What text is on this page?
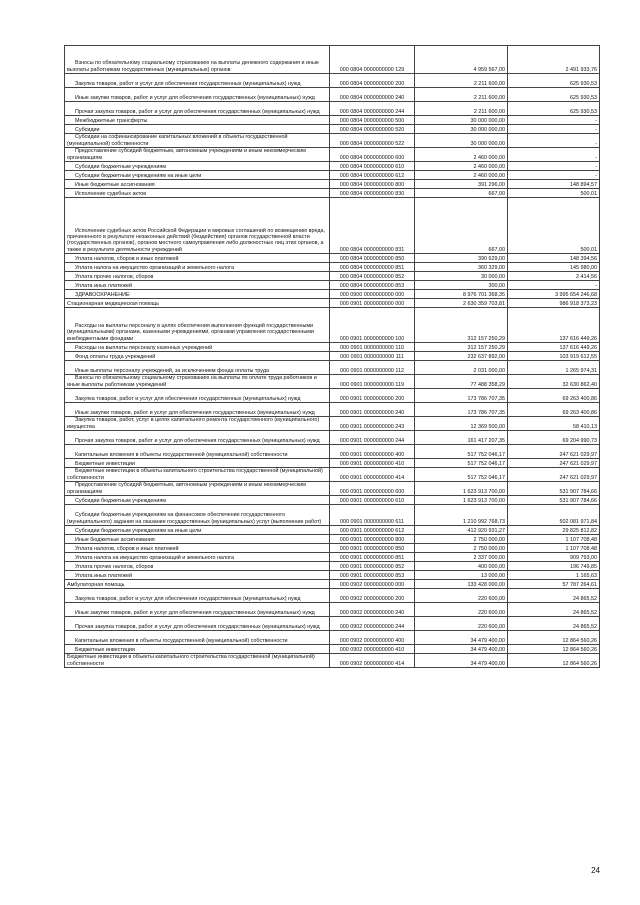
Взносы по обязательному социальному страхованию на выплаты денежного содержания и иные выплаты работникам государственных (муниципальных) органов	000 0804 0000000000 129	4 959 567,00	2 491 933,76
Закупка товаров, работ и услуг для обеспечения государственных (муниципальных) нужд	000 0804 0000000000 200	2 211 600,00	625 930,53
Иные закупки товаров, работ и услуг для обеспечения государственных (муниципальных) нужд	000 0804 0000000000 240	2 211 600,00	625 930,53
Прочая закупка товаров, работ и услуг для обеспечения государственных (муниципальных) нужд	000 0804 0000000000 244	2 211 600,00	625 930,53
Межбюджетные трансферты	000 0804 0000000000 500	30 000 000,00	-
Субсидии	000 0804 0000000000 520	30 000 000,00	-
Субсидии на софинансирование капитальных вложений в объекты государственной (муниципальной) собственности	000 0804 0000000000 522	30 000 000,00	-
Предоставление субсидий бюджетным, автономным учреждениям и иным некоммерческим организациям	000 0804 0000000000 600	2 460 000,00	-
Субсидии бюджетным учреждениям	000 0804 0000000000 610	2 460 000,00	-
Субсидии бюджетным учреждениям на иные цели	000 0804 0000000000 612	2 460 000,00	-
Иные бюджетные ассигнования	000 0804 0000000000 800	391 296,00	148 894,57
Исполнение судебных актов	000 0804 0000000000 830	667,00	500,01
Исполнение судебных актов Российской Федерации и мировых соглашений по возмещению вреда, причиненного в результате незаконных действий (бездействия) органов государственной власти (государственных органов), органов местного самоуправления либо должностных лиц этих органов, а также в результате деятельности учреждений	000 0804 0000000000 831	667,00	500,01
Уплата налогов, сборов и иных платежей	000 0804 0000000000 850	390 629,00	148 394,56
Уплата налога на имущество организаций и земельного налога	000 0804 0000000000 851	360 329,00	145 980,00
Уплата прочих налогов, сборов	000 0804 0000000000 852	30 000,00	2 414,56
Уплата иных платежей	000 0804 0000000000 853	300,00	-
ЗДРАВООХРАНЕНИЕ	000 0900 0000000000 000	8 976 701 368,35	3 995 654 246,68
Стационарная медицинская помощь	000 0901 0000000000 000	2 630 359 703,81	986 918 373,23
Расходы на выплаты персоналу в целях обеспечения выполнения функций государственными (муниципальными) органами, казенными учреждениями, органами управления государственными внебюджетными фондами	000 0901 0000000000 100	312 157 250,29	137 616 449,26
Расходы на выплаты персоналу казенных учреждений	000 0901 0000000000 110	312 157 250,29	137 616 449,26
Фонд оплаты труда учреждений	000 0901 0000000000 111	232 637 892,00	103 919 612,55
Иные выплаты персоналу учреждений, за исключением фонда оплаты труда	000 0901 0000000000 112	2 031 000,00	1 265 974,31
Взносы по обязательному социальному страхованию на выплаты по оплате труда работников и иные выплаты работникам учреждений	000 0901 0000000000 119	77 488 358,29	32 630 862,40
Закупка товаров, работ и услуг для обеспечения государственных (муниципальных) нужд	000 0901 0000000000 200	173 786 707,35	69 263 400,86
Иные закупки товаров, работ и услуг для обеспечения государственных (муниципальных) нужд	000 0901 0000000000 240	173 786 707,35	69 263 400,86
Закупка товаров, работ, услуг в целях капитального ремонта государственного (муниципального) имущества	000 0901 0000000000 243	12 369 500,00	58 410,13
Прочая закупка товаров, работ и услуг для обеспечения государственных (муниципальных) нужд	000 0901 0000000000 244	161 417 207,35	69 204 990,73
Капитальные вложения в объекты государственной (муниципальной) собственности	000 0901 0000000000 400	517 752 046,17	247 621 029,97
Бюджетные инвестиции	000 0901 0000000000 410	517 752 046,17	247 621 029,97
Бюджетные инвестиции в объекты капитального строительства государственной (муниципальной) собственности	000 0901 0000000000 414	517 752 046,17	247 621 029,97
Предоставление субсидий бюджетным, автономным учреждениям и иным некоммерческим организациям	000 0901 0000000000 600	1 623 913 700,00	531 907 784,66
Субсидии бюджетным учреждениям	000 0901 0000000000 610	1 623 913 700,00	531 907 784,66
Субсидии бюджетным учреждениям на финансовое обеспечение государственного (муниципального) задания на оказание государственных (муниципальных) услуг (выполнение работ)	000 0901 0000000000 611	1 210 992 768,73	502 081 971,84
Субсидии бюджетным учреждениям на иные цели	000 0901 0000000000 612	412 920 931,27	29 825 812,82
Иные бюджетные ассигнования	000 0901 0000000000 800	2 750 000,00	1 107 708,48
Уплата налогов, сборов и иных платежей	000 0901 0000000000 850	2 750 000,00	1 107 708,48
Уплата налога на имущество организаций и земельного налога	000 0901 0000000000 851	2 337 000,00	909 793,00
Уплата прочих налогов, сборов	000 0901 0000000000 852	400 000,00	196 749,85
Уплата иных платежей	000 0901 0000000000 853	13 000,00	1 165,63
Амбулаторная помощь	000 0902 0000000000 000	133 428 000,00	57 787 264,61
Закупка товаров, работ и услуг для обеспечения государственных (муниципальных) нужд	000 0902 0000000000 200	220 600,00	24 865,52
Иные закупки товаров, работ и услуг для обеспечения государственных (муниципальных) нужд	000 0902 0000000000 240	220 600,00	24 865,52
Прочая закупка товаров, работ и услуг для обеспечения государственных (муниципальных) нужд	000 0902 0000000000 244	220 600,00	24 865,52
Капитальные вложения в объекты государственной (муниципальной) собственности	000 0902 0000000000 400	34 479 400,00	12 864 560,26
Бюджетные инвестиции	000 0902 0000000000 410	34 479 400,00	12 864 560,26
Бюджетные инвестиции в объекты капитального строительства государственной (муниципальной) собственности	000 0902 0000000000 414	34 479 400,00	12 864 560,26
24
